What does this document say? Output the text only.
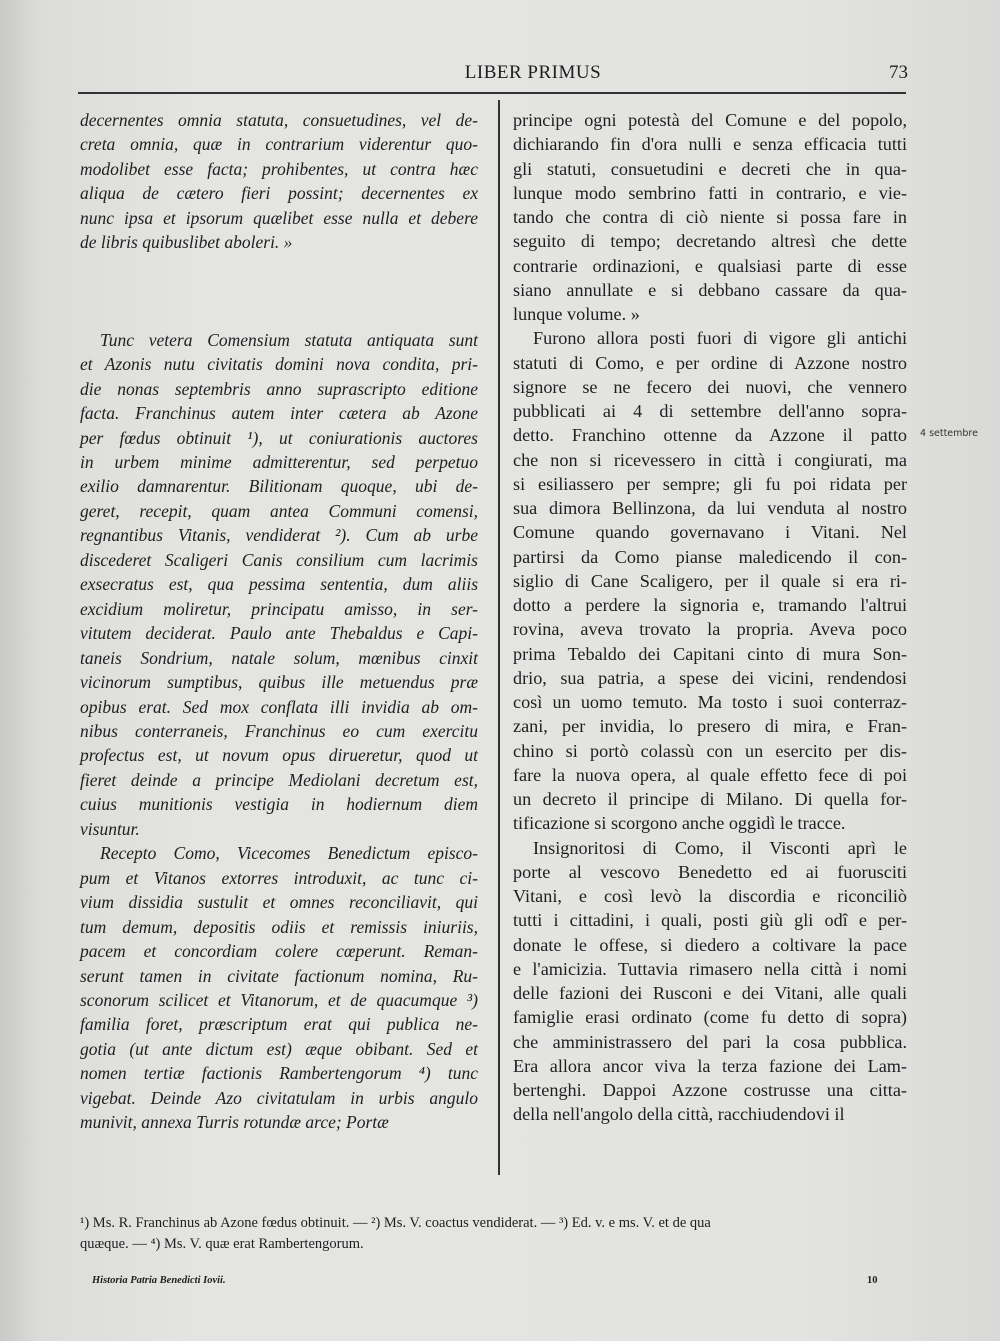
LIBER PRIMUS	73
decernentes omnia statuta, consuetudines, vel de-
creta omnia, quæ in contrarium viderentur quo-
modolibet esse facta; prohibentes, ut contra hæc
aliqua de cætero fieri possint; decernentes ex
nunc ipsa et ipsorum quælibet esse nulla et debere
de libris quibuslibet aboleri. »
Tunc vetera Comensium statuta antiquata sunt
et Azonis nutu civitatis domini nova condita, pri-
die nonas septembris anno suprascripto editione
facta. Franchinus autem inter cætera ab Azone
per fœdus obtinuit ¹), ut coniurationis auctores
in urbem minime admitterentur, sed perpetuo
exilio damnarentur. Bilitionam quoque, ubi de-
geret, recepit, quam antea Communi comensi,
regnantibus Vitanis, vendiderat ²). Cum ab urbe
discederet Scaligeri Canis consilium cum lacrimis
exsecratus est, qua pessima sententia, dum aliis
excidium moliretur, principatu amisso, in ser-
vitutem deciderat. Paulo ante Thebaldus e Capi-
taneis Sondrium, natale solum, mœnibus cinxit
vicinorum sumptibus, quibus ille metuendus præ
opibus erat. Sed mox conflata illi invidia ab om-
nibus conterraneis, Franchinus eo cum exercitu
profectus est, ut novum opus dirueretur, quod ut
fieret deinde a principe Mediolani decretum est,
cuius munitionis vestigia in hodiernum diem
visuntur.
Recepto Como, Vicecomes Benedictum episco-
pum et Vitanos extorres introduxit, ac tunc ci-
vium dissidia sustulit et omnes reconciliavit, qui
tum demum, depositis odiis et remissis iniuriis,
pacem et concordiam colere cœperunt. Reman-
serunt tamen in civitate factionum nomina, Ru-
sconorum scilicet et Vitanorum, et de quacumque ³)
familia foret, præscriptum erat qui publica ne-
gotia (ut ante dictum est) æque obibant. Sed et
nomen tertiæ factionis Rambertengorum ⁴) tunc
vigebat. Deinde Azo civitatulam in urbis angulo
munivit, annexa Turris rotundæ arce; Portæ
principe ogni potestà del Comune e del popolo,
dichiarando fin d'ora nulli e senza efficacia tutti
gli statuti, consuetudini e decreti che in qua-
lunque modo sembrino fatti in contrario, e vie-
tando che contra di ciò niente si possa fare in
seguito di tempo; decretando altresì che dette
contrarie ordinazioni, e qualsiasi parte di esse
siano annullate e si debbano cassare da qua-
lunque volume. »
Furono allora posti fuori di vigore gli antichi
statuti di Como, e per ordine di Azzone nostro
signore se ne fecero dei nuovi, che vennero
pubblicati ai 4 di settembre dell'anno sopra-
detto. Franchino ottenne da Azzone il patto
che non si ricevessero in città i congiurati, ma
si esiliassero per sempre; gli fu poi ridata per
sua dimora Bellinzona, da lui venduta al nostro
Comune quando governavano i Vitani. Nel
partirsi da Como pianse maledicendo il con-
siglio di Cane Scaligero, per il quale si era ri-
dotto a perdere la signoria e, tramando l'altrui
rovina, aveva trovato la propria. Aveva poco
prima Tebaldo dei Capitani cinto di mura Son-
drio, sua patria, a spese dei vicini, rendendosi
così un uomo temuto. Ma tosto i suoi conterraz-
zani, per invidia, lo presero di mira, e Fran-
chino si portò colassù con un esercito per dis-
fare la nuova opera, al quale effetto fece di poi
un decreto il principe di Milano. Di quella for-
tificazione si scorgono anche oggidì le tracce.
Insignoritosi di Como, il Visconti aprì le
porte al vescovo Benedetto ed ai fuorusciti
Vitani, e così levò la discordia e riconciliò
tutti i cittadini, i quali, posti giù gli odî e per-
donate le offese, si diedero a coltivare la pace
e l'amicizia. Tuttavia rimasero nella città i nomi
delle fazioni dei Rusconi e dei Vitani, alle quali
famiglie erasi ordinato (come fu detto di sopra)
che amministrassero del pari la cosa pubblica.
Era allora ancor viva la terza fazione dei Lam-
bertenghi. Dappoi Azzone costrusse una citta-
della nell'angolo della città, racchiudendovi il
4 settembre
¹) Ms. R. Franchinus ab Azone fœdus obtinuit. — ²) Ms. V. coactus vendiderat. — ³) Ed. v. e ms. V. et de qua
quæque. — ⁴) Ms. V. quæ erat Rambertengorum.
Historia Patria Benedicti Iovii.	10
